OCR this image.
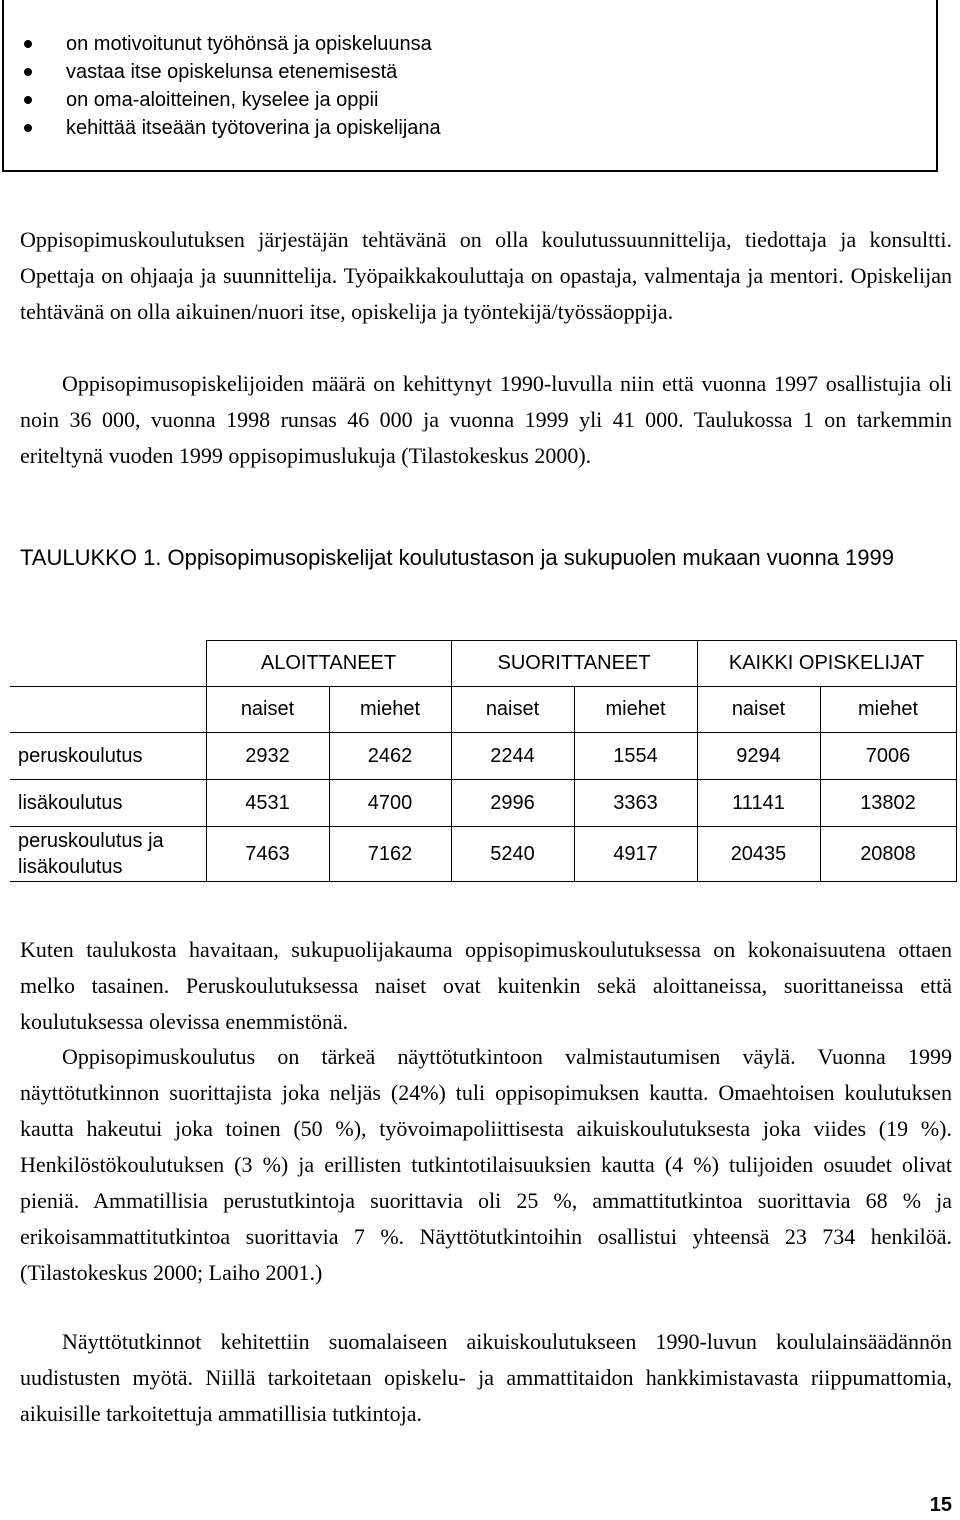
on motivoitunut työhönsä ja opiskeluunsa
vastaa itse opiskelunsa etenemisestä
on oma-aloitteinen, kyselee ja oppii
kehittää itseään työtoverina ja opiskelijana

Oppisopimuskoulutuksen järjestäjän tehtävänä on olla koulutussuunnittelija, tiedottaja ja konsultti. Opettaja on ohjaaja ja suunnittelija. Työpaikkakouluttaja on opastaja, valmentaja ja mentori. Opiskelijan tehtävänä on olla aikuinen/nuori itse, opiskelija ja työntekijä/työssäoppija.

Oppisopimusopiskelijoiden määrä on kehittynyt 1990-luvulla niin että vuonna 1997 osallistujia oli noin 36 000, vuonna 1998 runsas 46 000 ja vuonna 1999 yli 41 000. Taulukossa 1 on tarkemmin eriteltynä vuoden 1999 oppisopimuslukuja (Tilastokeskus 2000).

TAULUKKO 1. Oppisopimusopiskelijat koulutustason ja sukupuolen mukaan vuonna 1999
	ALOITTANEET		SUORITTANEET		KAIKKI OPISKELIJAT	
	naiset	miehet	naiset	miehet	naiset	miehet
peruskoulutus	2932	2462	2244	1554	9294	7006
lisäkoulutus	4531	4700	2996	3363	11141	13802
peruskoulutus ja lisäkoulutus	7463	7162	5240	4917	20435	20808

Kuten taulukosta havaitaan, sukupuolijakauma oppisopimuskoulutuksessa on kokonaisuutena ottaen melko tasainen. Peruskoulutuksessa naiset ovat kuitenkin sekä aloittaneissa, suorittaneissa että koulutuksessa olevissa enemmistönä.

Oppisopimuskoulutus on tärkeä näyttötutkintoon valmistautumisen väylä. Vuonna 1999 näyttötutkinnon suorittajista joka neljäs (24%) tuli oppisopimuksen kautta. Omaehtoisen koulutuksen kautta hakeutui joka toinen (50 %), työvoimapoliittisesta aikuiskoulutuksesta joka viides (19 %). Henkilöstökoulutuksen (3 %) ja erillisten tutkintotilaisuuksien kautta (4 %) tulijoiden osuudet olivat pieniä. Ammatillisia perustutkintoja suorittavia oli 25 %, ammattitutkintoa suorittavia 68 % ja erikoisammattitutkintoa suorittavia 7 %. Näyttötutkintoihin osallistui yhteensä 23 734 henkilöä. (Tilastokeskus 2000; Laiho 2001.)

Näyttötutkinnot kehitettiin suomalaiseen aikuiskoulutukseen 1990-luvun koululainsäädännön uudistusten myötä. Niillä tarkoitetaan opiskelu- ja ammattitaidon hankkimistavasta riippumattomia, aikuisille tarkoitettuja ammatillisia tutkintoja.

15
